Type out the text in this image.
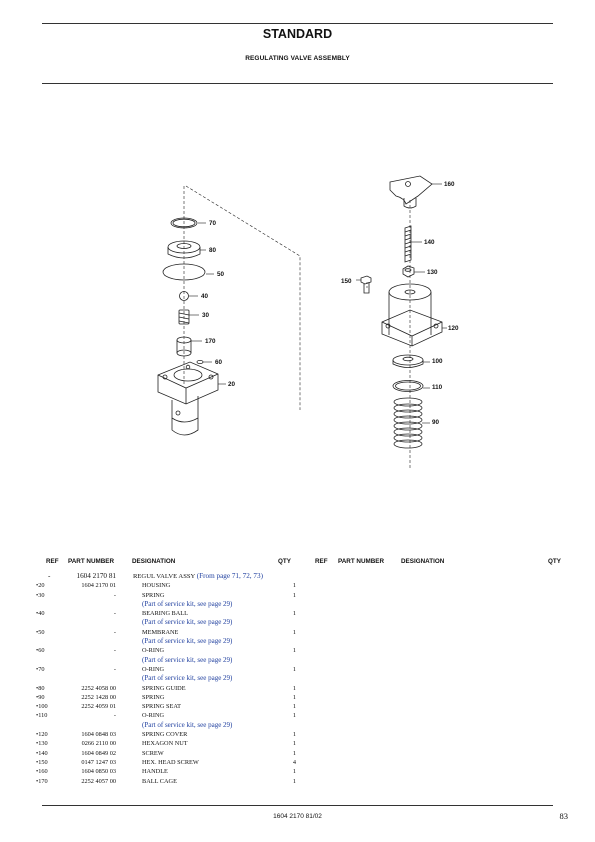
STANDARD
REGULATING VALVE ASSEMBLY
70
80
50
40
30
170
60
20
160
140
130
150
120
100
110
90
REF PART NUMBER	DESIGNATION	QTY	REF PART NUMBER	DESIGNATION	QTY
-	1604 2170 81	REGUL VALVE ASSY (From page 71, 72, 73)	
•20	1604 2170 01	HOUSING	1
•30	-	SPRING	1
		(Part of service kit, see page 29)	
•40	-	BEARING BALL	1
		(Part of service kit, see page 29)	
•50	-	MEMBRANE	1
		(Part of service kit, see page 29)	
•60	-	O-RING	1
		(Part of service kit, see page 29)	
•70	-	O-RING	1
		(Part of service kit, see page 29)	
•80	2252 4058 00	SPRING GUIDE	1
•90	2252 1428 00	SPRING	1
•100	2252 4059 01	SPRING SEAT	1
•110	-	O-RING	1
		(Part of service kit, see page 29)	
•120	1604 0848 03	SPRING COVER	1
•130	0266 2110 00	HEXAGON NUT	1
•140	1604 0849 02	SCREW	1
•150	0147 1247 03	HEX. HEAD SCREW	4
•160	1604 0850 03	HANDLE	1
•170	2252 4057 00	BALL CAGE	1
1604 2170 81/02	83
